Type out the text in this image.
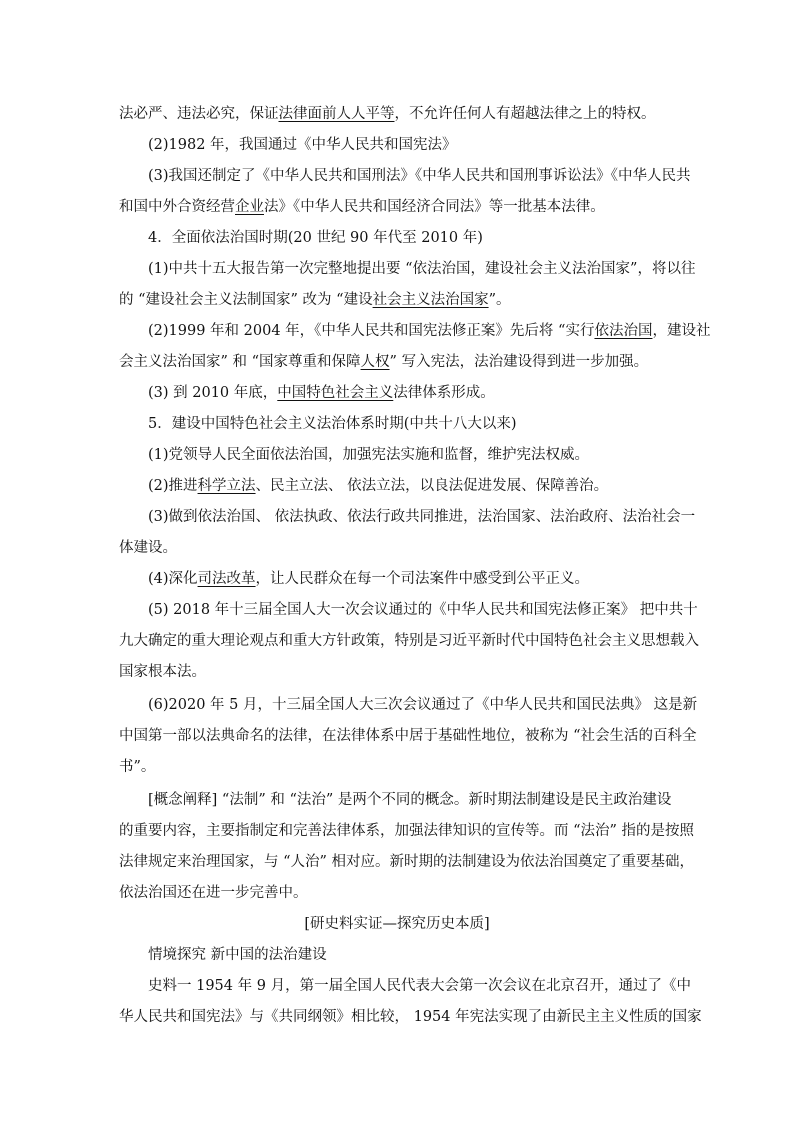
法必严、违法必究，保证法律面前人人平等，不允许任何人有超越法律之上的特权。
(2)1982 年，我国通过《中华人民共和国宪法》
(3)我国还制定了《中华人民共和国刑法》《中华人民共和国刑事诉讼法》《中华人民共
和国中外合资经营企业法》《中华人民共和国经济合同法》等一批基本法律。
4．全面依法治国时期(20 世纪 90 年代至 2010 年)
(1)中共十五大报告第一次完整地提出要 “依法治国，建设社会主义法治国家”，将以往
的 “建设社会主义法制国家” 改为 “建设社会主义法治国家”。
(2)1999 年和 2004 年，《中华人民共和国宪法修正案》先后将 “实行依法治国，建设社
会主义法治国家” 和 “国家尊重和保障人权” 写入宪法，法治建设得到进一步加强。
(3) 到 2010 年底，中国特色社会主义法律体系形成。
5．建设中国特色社会主义法治体系时期(中共十八大以来)
(1)党领导人民全面依法治国，加强宪法实施和监督，维护宪法权威。
(2)推进科学立法、民主立法、 依法立法，以良法促进发展、保障善治。
(3)做到依法治国、 依法执政、依法行政共同推进，法治国家、法治政府、法治社会一
体建设。
(4)深化司法改革，让人民群众在每一个司法案件中感受到公平正义。
(5) 2018 年十三届全国人大一次会议通过的《中华人民共和国宪法修正案》 把中共十
九大确定的重大理论观点和重大方针政策，特别是习近平新时代中国特色社会主义思想载入
国家根本法。
(6)2020 年 5 月，十三届全国人大三次会议通过了《中华人民共和国民法典》 这是新
中国第一部以法典命名的法律，在法律体系中居于基础性地位，被称为 “社会生活的百科全
书”。
[概念阐释] “法制” 和 “法治” 是两个不同的概念。新时期法制建设是民主政治建设
的重要内容，主要指制定和完善法律体系，加强法律知识的宣传等。而 “法治” 指的是按照
法律规定来治理国家，与 “人治” 相对应。新时期的法制建设为依法治国奠定了重要基础，
依法治国还在进一步完善中。
[研史料实证—探究历史本质]
情境探究 新中国的法治建设
史料一 1954 年 9 月，第一届全国人民代表大会第一次会议在北京召开，通过了《中
华人民共和国宪法》与《共同纲领》相比较， 1954 年宪法实现了由新民主主义性质的国家
